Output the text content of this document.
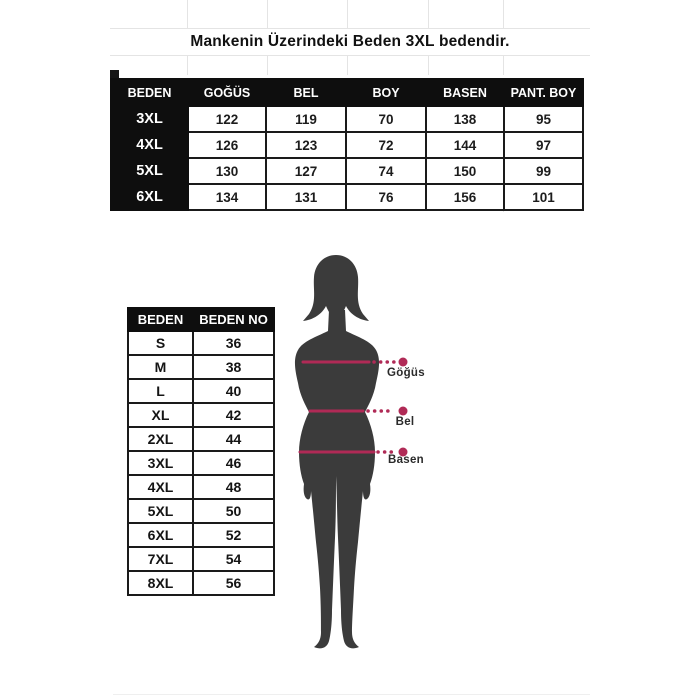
Mankenin Üzerindeki Beden 3XL bedendir.
BEDEN	GOĞÜS	BEL	BOY	BASEN	PANT. BOY
3XL	122	119	70	138	95
4XL	126	123	72	144	97
5XL	130	127	74	150	99
6XL	134	131	76	156	101
BEDEN	BEDEN NO
S	36
M	38
L	40
XL	42
2XL	44
3XL	46
4XL	48
5XL	50
6XL	52
7XL	54
8XL	56
Göğüs
Bel
Basen
